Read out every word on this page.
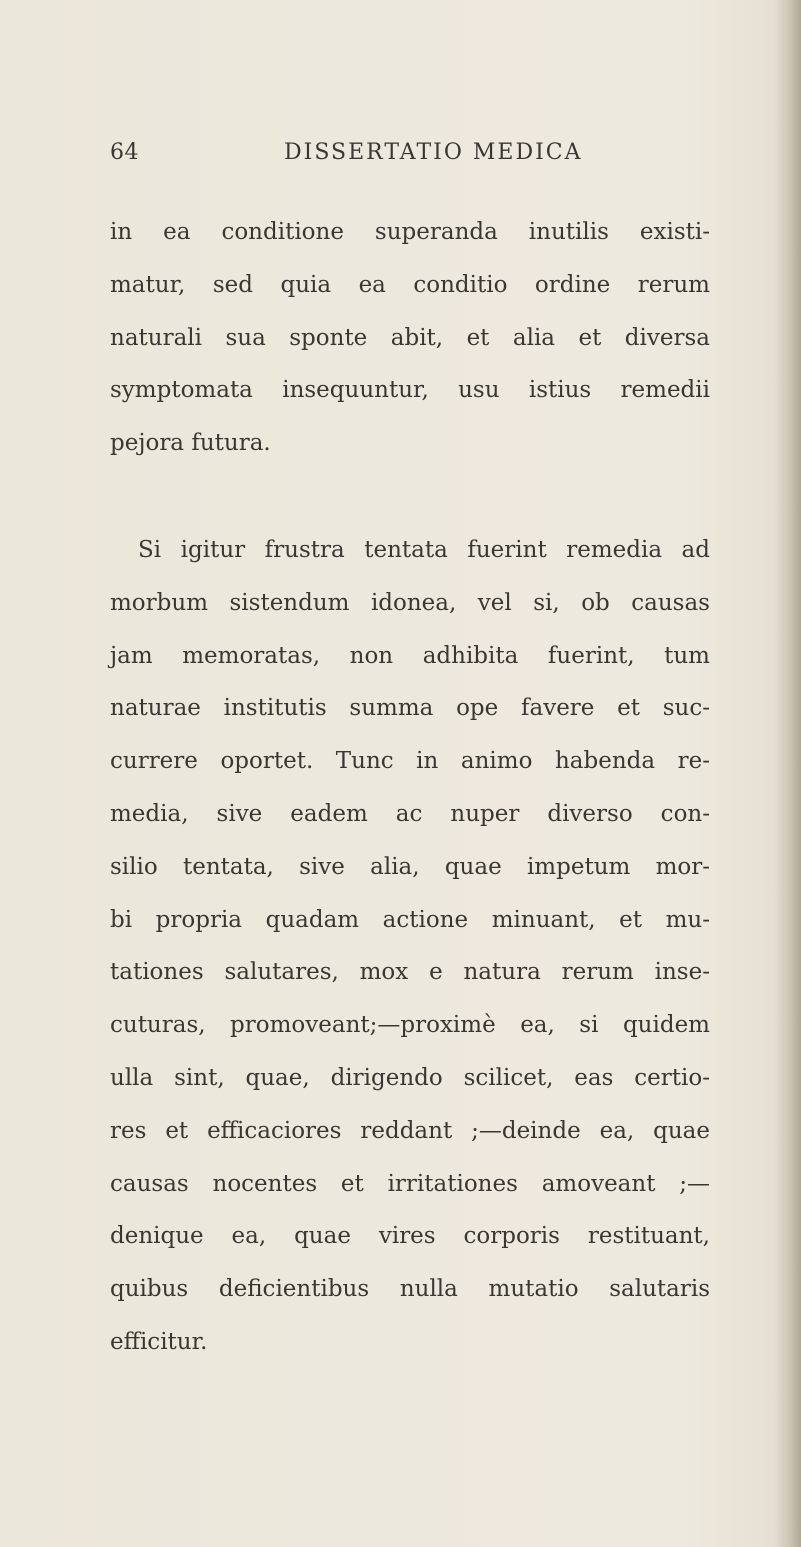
64	DISSERTATIO MEDICA
in ea conditione superanda inutilis existi-
matur, sed quia ea conditio ordine rerum
naturali sua sponte abit, et alia et diversa
symptomata insequuntur, usu istius remedii
pejora futura.
Si igitur frustra tentata fuerint remedia ad
morbum sistendum idonea, vel si, ob causas
jam memoratas, non adhibita fuerint, tum
naturae institutis summa ope favere et suc-
currere oportet. Tunc in animo habenda re-
media, sive eadem ac nuper diverso con-
silio tentata, sive alia, quae impetum mor-
bi propria quadam actione minuant, et mu-
tationes salutares, mox e natura rerum inse-
cuturas, promoveant;—proximè ea, si quidem
ulla sint, quae, dirigendo scilicet, eas certio-
res et efficaciores reddant ;—deinde ea, quae
causas nocentes et irritationes amoveant ;—
denique ea, quae vires corporis restituant,
quibus deficientibus nulla mutatio salutaris
efficitur.
